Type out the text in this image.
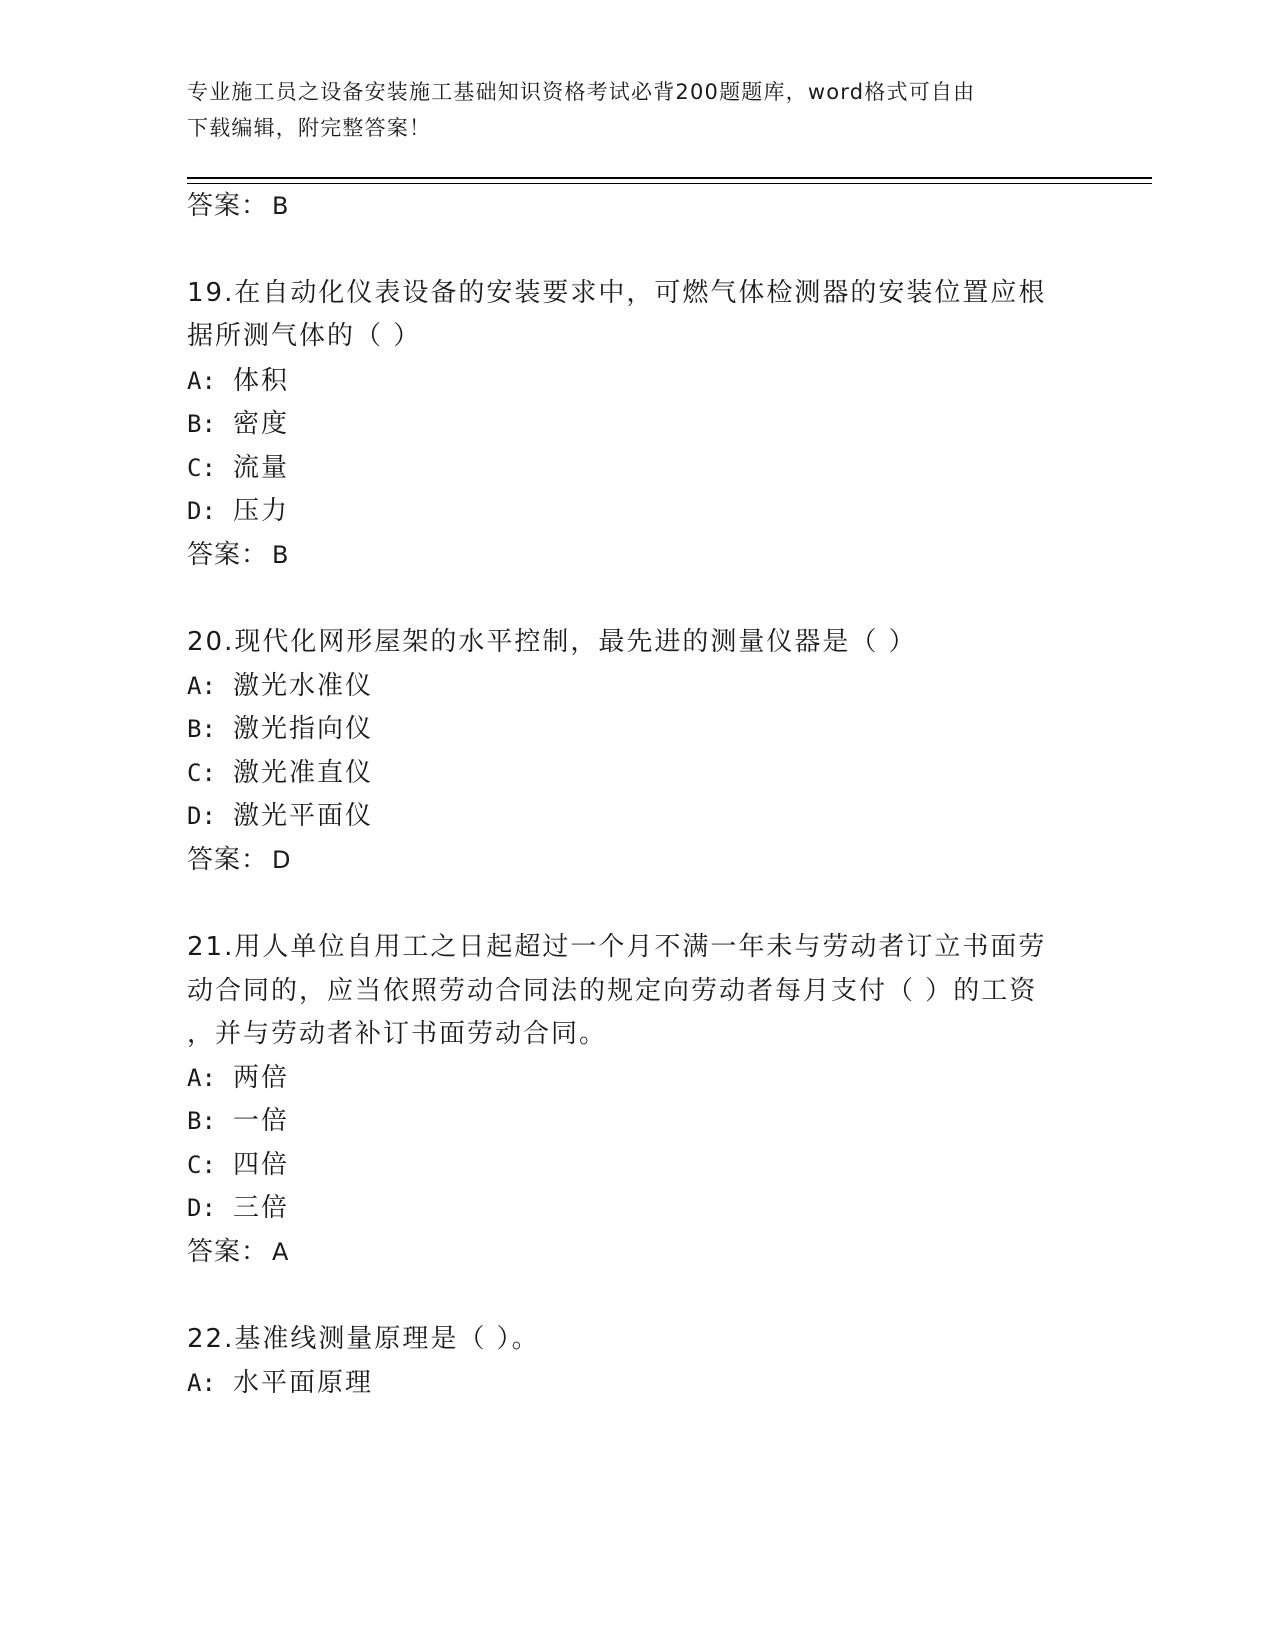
专业施工员之设备安装施工基础知识资格考试必背200题题库，word格式可自由
下载编辑，附完整答案！
答案： B
19.在自动化仪表设备的安装要求中，可燃气体检测器的安装位置应根
据所测气体的（ ）
A: 体积
B: 密度
C: 流量
D: 压力
答案： B
20.现代化网形屋架的水平控制，最先进的测量仪器是（ ）
A: 激光水准仪
B: 激光指向仪
C: 激光准直仪
D: 激光平面仪
答案： D
21.用人单位自用工之日起超过一个月不满一年未与劳动者订立书面劳
动合同的，应当依照劳动合同法的规定向劳动者每月支付（ ）的工资
，并与劳动者补订书面劳动合同。
A: 两倍
B: 一倍
C: 四倍
D: 三倍
答案： A
22.基准线测量原理是（ ）。
A: 水平面原理
